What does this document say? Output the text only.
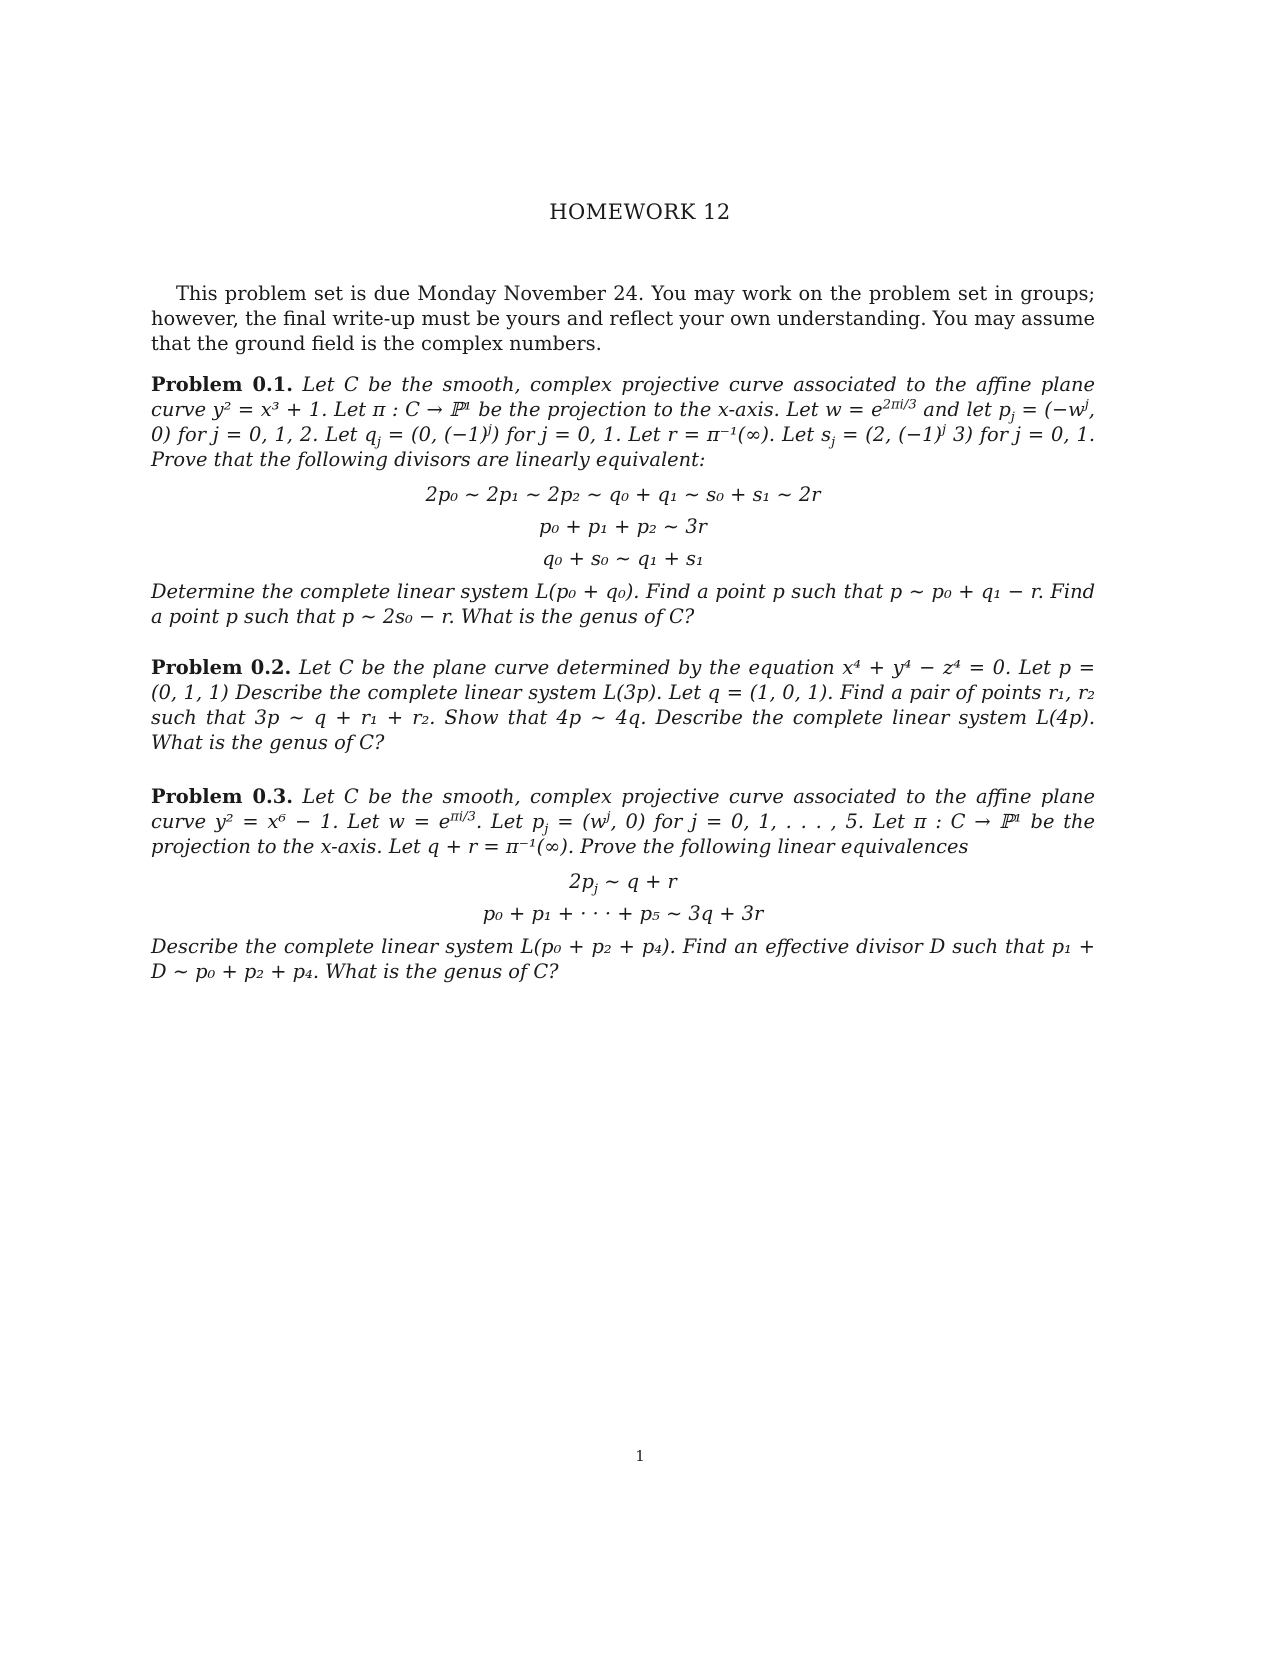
HOMEWORK 12
This problem set is due Monday November 24. You may work on the problem set in groups; however, the final write-up must be yours and reflect your own understanding. You may assume that the ground field is the complex numbers.
Problem 0.1. Let C be the smooth, complex projective curve associated to the affine plane curve y² = x³ + 1. Let π : C → ℙ¹ be the projection to the x-axis. Let $w = e^{2\pi i/3}$ and let $p_j = (-w^j$, 0) for j = 0, 1, 2. Let $q_j = (0$, $(-1)^j$) for j = 0, 1. Let r = π⁻¹(∞). Let $s_j = (2$, $(-1)^j$ 3) for j = 0, 1. Prove that the following divisors are linearly equivalent:
2p₀ ∼ 2p₁ ∼ 2p₂ ∼ q₀ + q₁ ∼ s₀ + s₁ ∼ 2r
p₀ + p₁ + p₂ ∼ 3r
q₀ + s₀ ∼ q₁ + s₁
Determine the complete linear system L(p₀ + q₀). Find a point p such that p ∼ p₀ + q₁ − r. Find a point p such that p ∼ 2s₀ − r. What is the genus of C?
Problem 0.2. Let C be the plane curve determined by the equation x⁴ + y⁴ − z⁴ = 0. Let p = (0, 1, 1) Describe the complete linear system L(3p). Let q = (1, 0, 1). Find a pair of points r₁, r₂ such that 3p ∼ q + r₁ + r₂. Show that 4p ∼ 4q. Describe the complete linear system L(4p). What is the genus of C?
Problem 0.3. Let C be the smooth, complex projective curve associated to the affine plane curve y² = x⁶ − 1. Let $w = e^{\pi i/3}$. Let $p_j = (w^j$, 0) for j = 0, 1, . . . , 5. Let π : C → ℙ¹ be the projection to the x-axis. Let q + r = π⁻¹(∞). Prove the following linear equivalences
$2p_j$ ∼ q + r
p₀ + p₁ + · · · + p₅ ∼ 3q + 3r
Describe the complete linear system L(p₀ + p₂ + p₄). Find an effective divisor D such that p₁ + D ∼ p₀ + p₂ + p₄. What is the genus of C?
1
